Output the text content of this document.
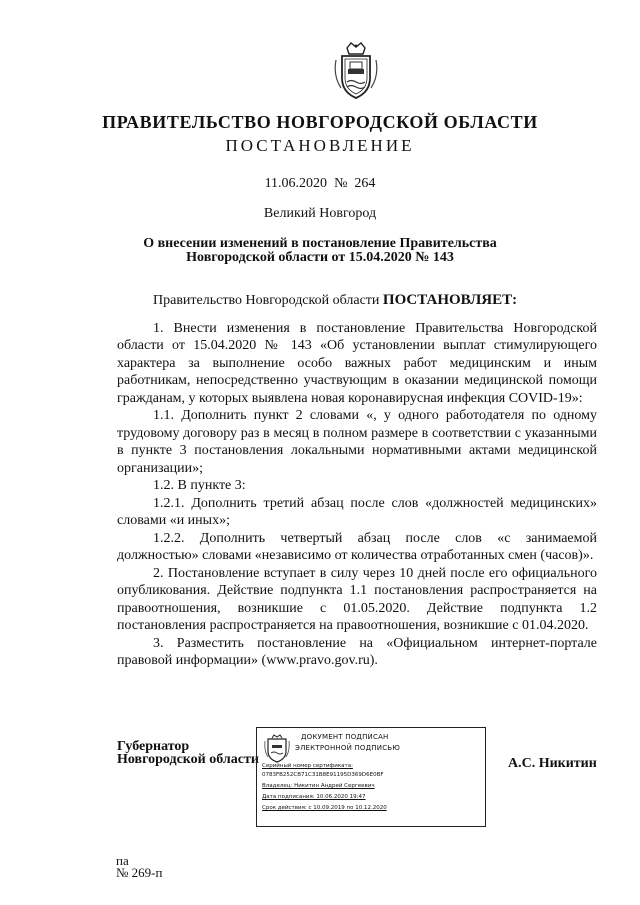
ПРАВИТЕЛЬСТВО НОВГОРОДСКОЙ ОБЛАСТИ
ПОСТАНОВЛЕНИЕ
11.06.2020 № 264
Великий Новгород
О внесении изменений в постановление Правительства
Новгородской области от 15.04.2020 № 143

Правительство Новгородской области ПОСТАНОВЛЯЕТ:

1. Внести изменения в постановление Правительства Новгородской области от 15.04.2020 № 143 «Об установлении выплат стимулирующего характера за выполнение особо важных работ медицинским и иным работникам, непосредственно участвующим в оказании медицинской помощи гражданам, у которых выявлена новая коронавирусная инфекция COVID-19»:

1.1. Дополнить пункт 2 словами «, у одного работодателя по одному трудовому договору раз в месяц в полном размере в соответствии с указанными в пункте 3 постановления локальными нормативными актами медицинской организации»;

1.2. В пункте 3:

1.2.1. Дополнить третий абзац после слов «должностей медицинских» словами «и иных»;

1.2.2. Дополнить четвертый абзац после слов «с занимаемой должностью» словами «независимо от количества отработанных смен (часов)».

2. Постановление вступает в силу через 10 дней после его официального опубликования. Действие подпункта 1.1 постановления распространяется на правоотношения, возникшие с 01.05.2020. Действие подпункта 1.2 постановления распространяется на правоотношения, возникшие с 01.04.2020.

3. Разместить постановление на «Официальном интернет-портале правовой информации» (www.pravo.gov.ru).

Губернатор
Новгородской области
ДОКУМЕНТ ПОДПИСАН
ЭЛЕКТРОННОЙ ПОДПИСЬЮ
Серийный номер сертификата:
0783FB252CB71C31B8E91195D369D6E0BF
Владелец: Никитин Андрей Сергеевич
Дата подписания: 10.06.2020 19:47
Срок действия: с 10.09.2019 по 10.12.2020
А.С. Никитин
па
№ 269-п
